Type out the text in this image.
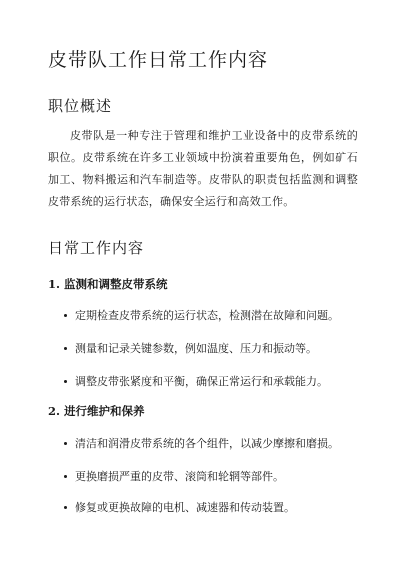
皮带队工作日常工作内容
职位概述
皮带队是一种专注于管理和维护工业设备中的皮带系统的职位。皮带系统在许多工业领域中扮演着重要角色，例如矿石加工、物料搬运和汽车制造等。皮带队的职责包括监测和调整皮带系统的运行状态，确保安全运行和高效工作。
日常工作内容
1. 监测和调整皮带系统
定期检查皮带系统的运行状态，检测潜在故障和问题。
测量和记录关键参数，例如温度、压力和振动等。
调整皮带张紧度和平衡，确保正常运行和承载能力。
2. 进行维护和保养
清洁和润滑皮带系统的各个组件，以减少摩擦和磨损。
更换磨损严重的皮带、滚筒和轮辋等部件。
修复或更换故障的电机、减速器和传动装置。
